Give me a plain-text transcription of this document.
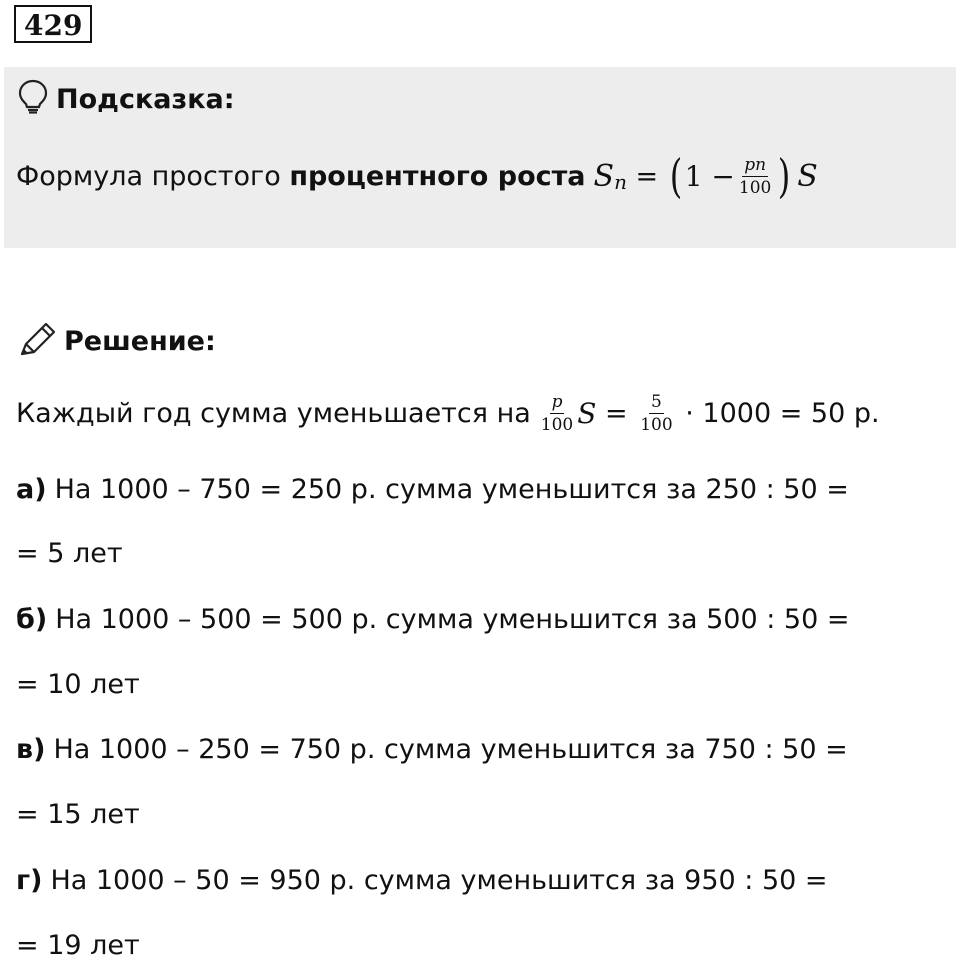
429
Подсказка:
Формула простого процентного роста $S_n$ = ( $1 - \frac{pn}{100}$ ) S
Решение:
Каждый год сумма уменьшается на $\frac{p}{100}$ $S = \frac{5}{100} \cdot 1000 = 50$ р.
а) На 1000 – 750 = 250 р. сумма уменьшится за 250 : 50 =
= 5 лет
б) На 1000 – 500 = 500 р. сумма уменьшится за 500 : 50 =
= 10 лет
в) На 1000 – 250 = 750 р. сумма уменьшится за 750 : 50 =
= 15 лет
г) На 1000 – 50 = 950 р. сумма уменьшится за 950 : 50 =
= 19 лет
